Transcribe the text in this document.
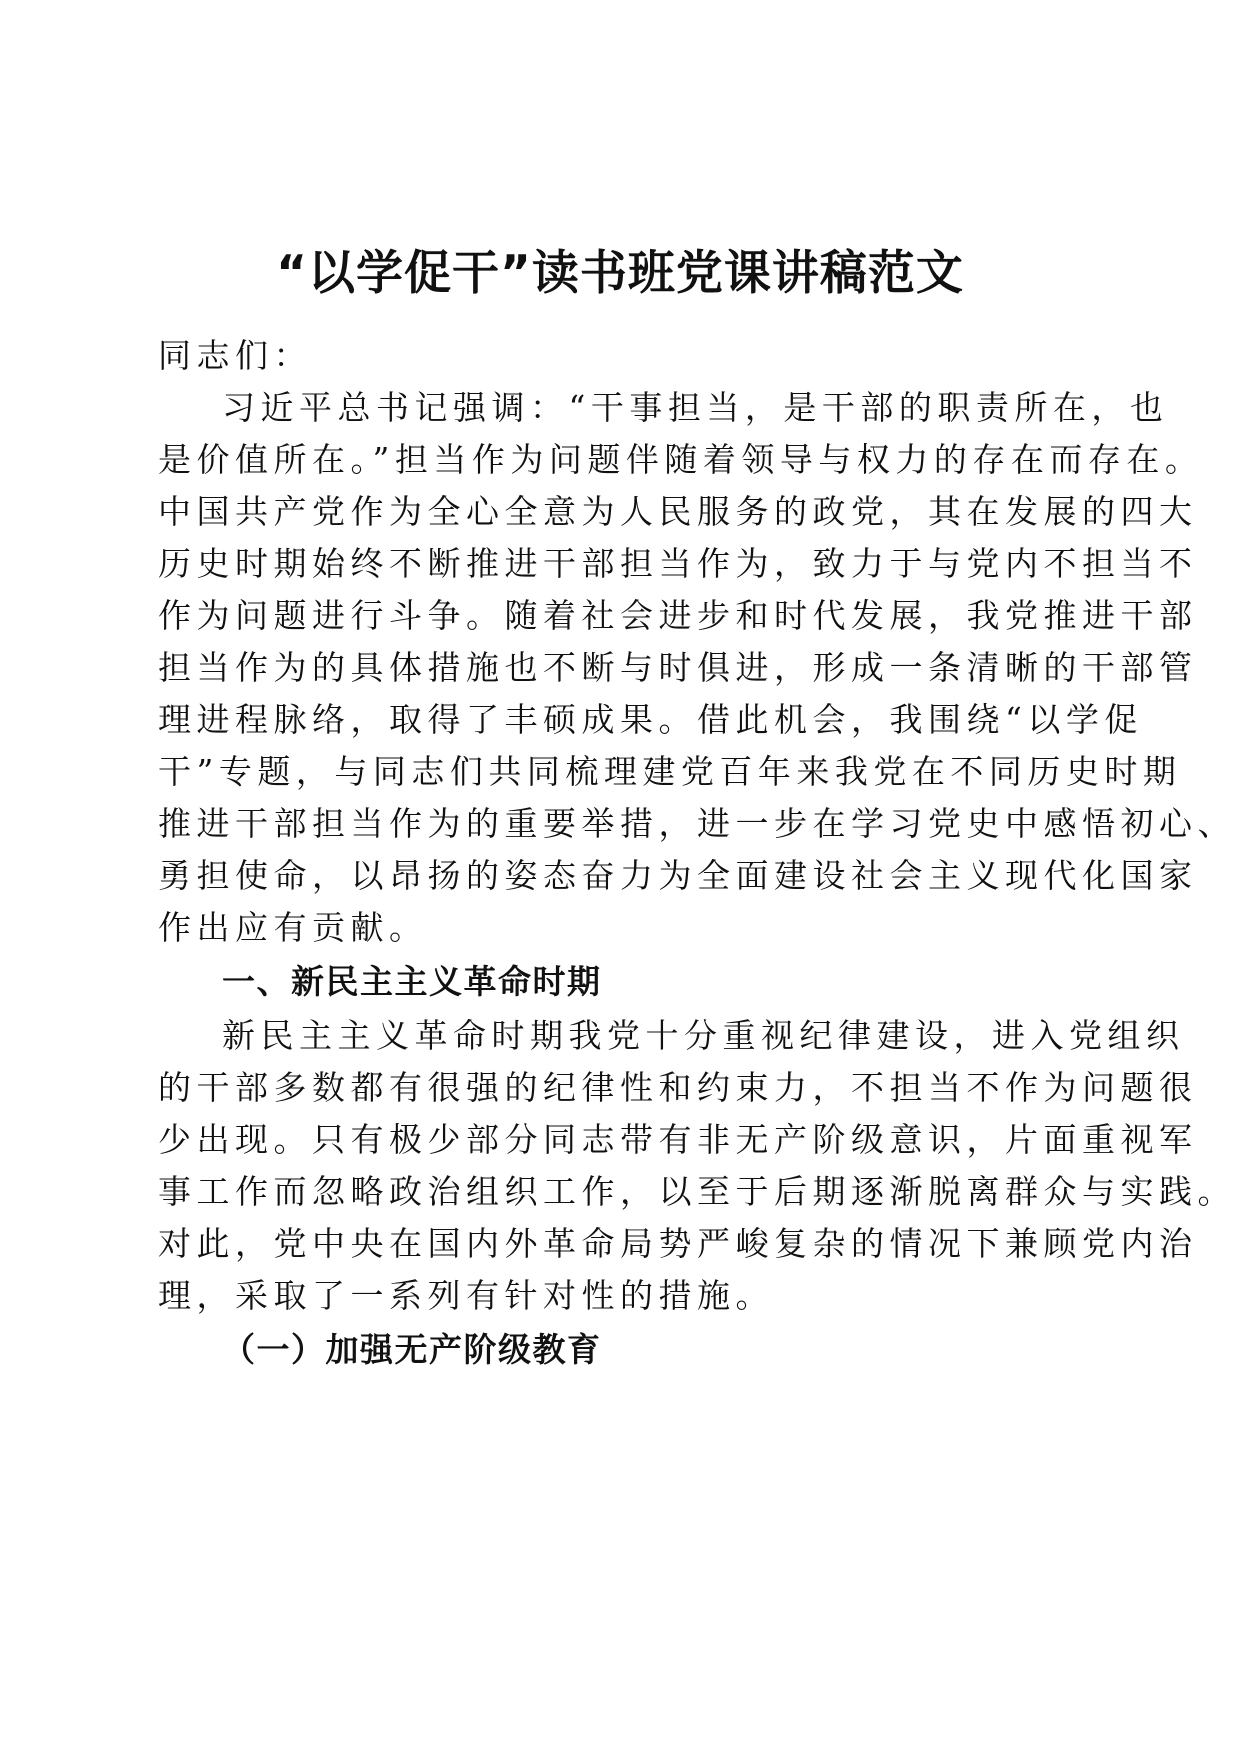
“以学促干”读书班党课讲稿范文
同志们：
习近平总书记强调：“干事担当，是干部的职责所在，也
是价值所在。”担当作为问题伴随着领导与权力的存在而存在。
中国共产党作为全心全意为人民服务的政党，其在发展的四大
历史时期始终不断推进干部担当作为，致力于与党内不担当不
作为问题进行斗争。随着社会进步和时代发展，我党推进干部
担当作为的具体措施也不断与时俱进，形成一条清晰的干部管
理进程脉络，取得了丰硕成果。借此机会，我围绕“以学促
干”专题，与同志们共同梳理建党百年来我党在不同历史时期
推进干部担当作为的重要举措，进一步在学习党史中感悟初心、
勇担使命，以昂扬的姿态奋力为全面建设社会主义现代化国家
作出应有贡献。
一、新民主主义革命时期
新民主主义革命时期我党十分重视纪律建设，进入党组织
的干部多数都有很强的纪律性和约束力，不担当不作为问题很
少出现。只有极少部分同志带有非无产阶级意识，片面重视军
事工作而忽略政治组织工作，以至于后期逐渐脱离群众与实践。
对此，党中央在国内外革命局势严峻复杂的情况下兼顾党内治
理，采取了一系列有针对性的措施。
（一）加强无产阶级教育
